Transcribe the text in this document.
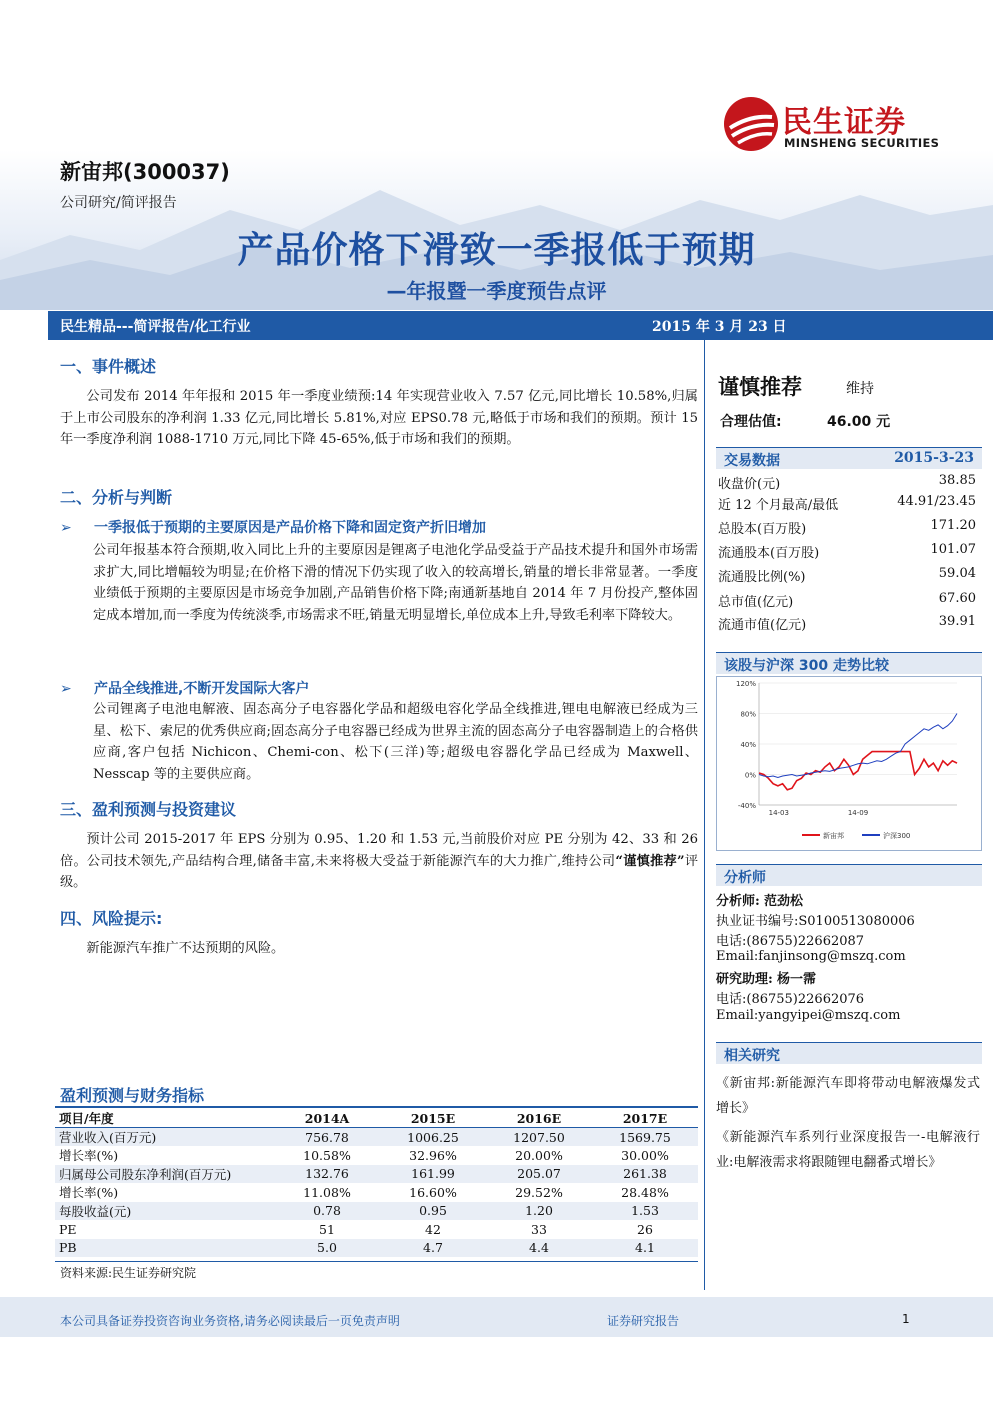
民生证券
MINSHENG SECURITIES
新宙邦(300037)
公司研究/简评报告
产品价格下滑致一季报低于预期
—年报暨一季度预告点评
民生精品---简评报告/化工行业	2015 年 3 月 23 日
一、事件概述
公司发布 2014 年年报和 2015 年一季度业绩预:14 年实现营业收入 7.57 亿元,同比增长 10.58%,归属于上市公司股东的净利润 1.33 亿元,同比增长 5.81%,对应 EPS0.78 元,略低于市场和我们的预期。预计 15 年一季度净利润 1088-1710 万元,同比下降 45-65%,低于市场和我们的预期。
二、分析与判断
➢ 一季报低于预期的主要原因是产品价格下降和固定资产折旧增加
公司年报基本符合预期,收入同比上升的主要原因是锂离子电池化学品受益于产品技术提升和国外市场需求扩大,同比增幅较为明显;在价格下滑的情况下仍实现了收入的较高增长,销量的增长非常显著。一季度业绩低于预期的主要原因是市场竞争加剧,产品销售价格下降;南通新基地自 2014 年 7 月份投产,整体固定成本增加,而一季度为传统淡季,市场需求不旺,销量无明显增长,单位成本上升,导致毛利率下降较大。
➢ 产品全线推进,不断开发国际大客户
公司锂离子电池电解液、固态高分子电容器化学品和超级电容化学品全线推进,锂电电解液已经成为三星、松下、索尼的优秀供应商;固态高分子电容器已经成为世界主流的固态高分子电容器制造上的合格供应商,客户包括 Nichicon、Chemi-con、松下(三洋)等;超级电容器化学品已经成为 Maxwell、Nesscap 等的主要供应商。
三、盈利预测与投资建议
预计公司 2015-2017 年 EPS 分别为 0.95、1.20 和 1.53 元,当前股价对应 PE 分别为 42、33 和 26 倍。公司技术领先,产品结构合理,储备丰富,未来将极大受益于新能源汽车的大力推广,维持公司“谨慎推荐”评级。
四、风险提示:
新能源汽车推广不达预期的风险。
盈利预测与财务指标
项目/年度	2014A	2015E	2016E	2017E
营业收入(百万元)	756.78	1006.25	1207.50	1569.75
增长率(%)	10.58%	32.96%	20.00%	30.00%
归属母公司股东净利润(百万元)	132.76	161.99	205.07	261.38
增长率(%)	11.08%	16.60%	29.52%	28.48%
每股收益(元)	0.78	0.95	1.20	1.53
PE	51	42	33	26
PB	5.0	4.7	4.4	4.1
资料来源:民生证券研究院
谨慎推荐	维持
合理估值:	46.00 元
交易数据	2015-3-23
收盘价(元)	38.85
近 12 个月最高/最低	44.91/23.45
总股本(百万股)	171.20
流通股本(百万股)	101.07
流通股比例(%)	59.04
总市值(亿元)	67.60
流通市值(亿元)	39.91
该股与沪深 300 走势比较
120%
80%
40%
0%
-40%
14-03	14-09
新宙邦	沪深300
分析师
分析师: 范劲松
执业证书编号:S0100513080006
电话:(86755)22662087
Email:fanjinsong@mszq.com
研究助理: 杨一霈
电话:(86755)22662076
Email:yangyipei@mszq.com
相关研究
《新宙邦:新能源汽车即将带动电解液爆发式增长》
《新能源汽车系列行业深度报告一-电解液行业:电解液需求将跟随锂电翻番式增长》
本公司具备证券投资咨询业务资格,请务必阅读最后一页免责声明	证券研究报告	1
